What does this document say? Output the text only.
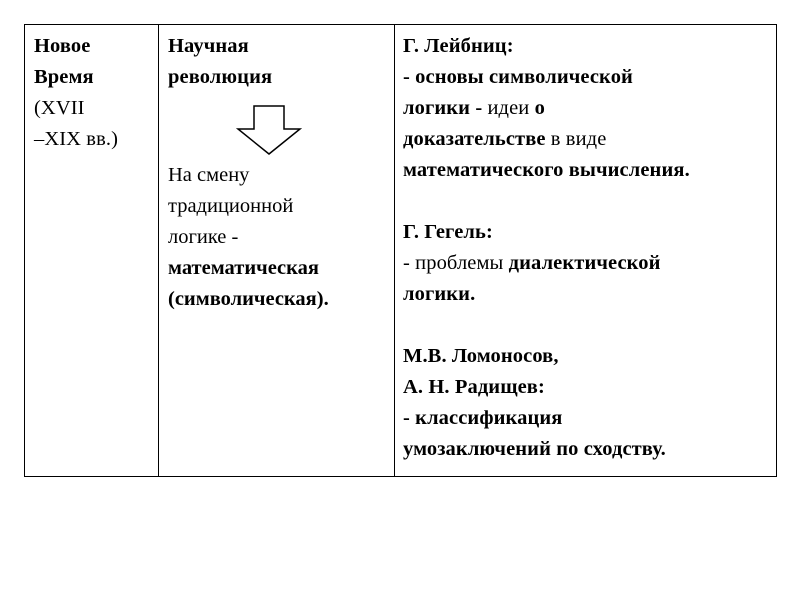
Новое
Время
(XVII
–XIX вв.)
Научная
революция
На смену
традиционной
логике -
математическая
(символическая).
Г. Лейбниц:
- основы символической
логики - идеи о
доказательстве в виде
математического вычисления.
Г. Гегель:
- проблемы диалектической
логики.
М.В. Ломоносов,
А. Н. Радищев:
- классификация
умозаключений по сходству.
